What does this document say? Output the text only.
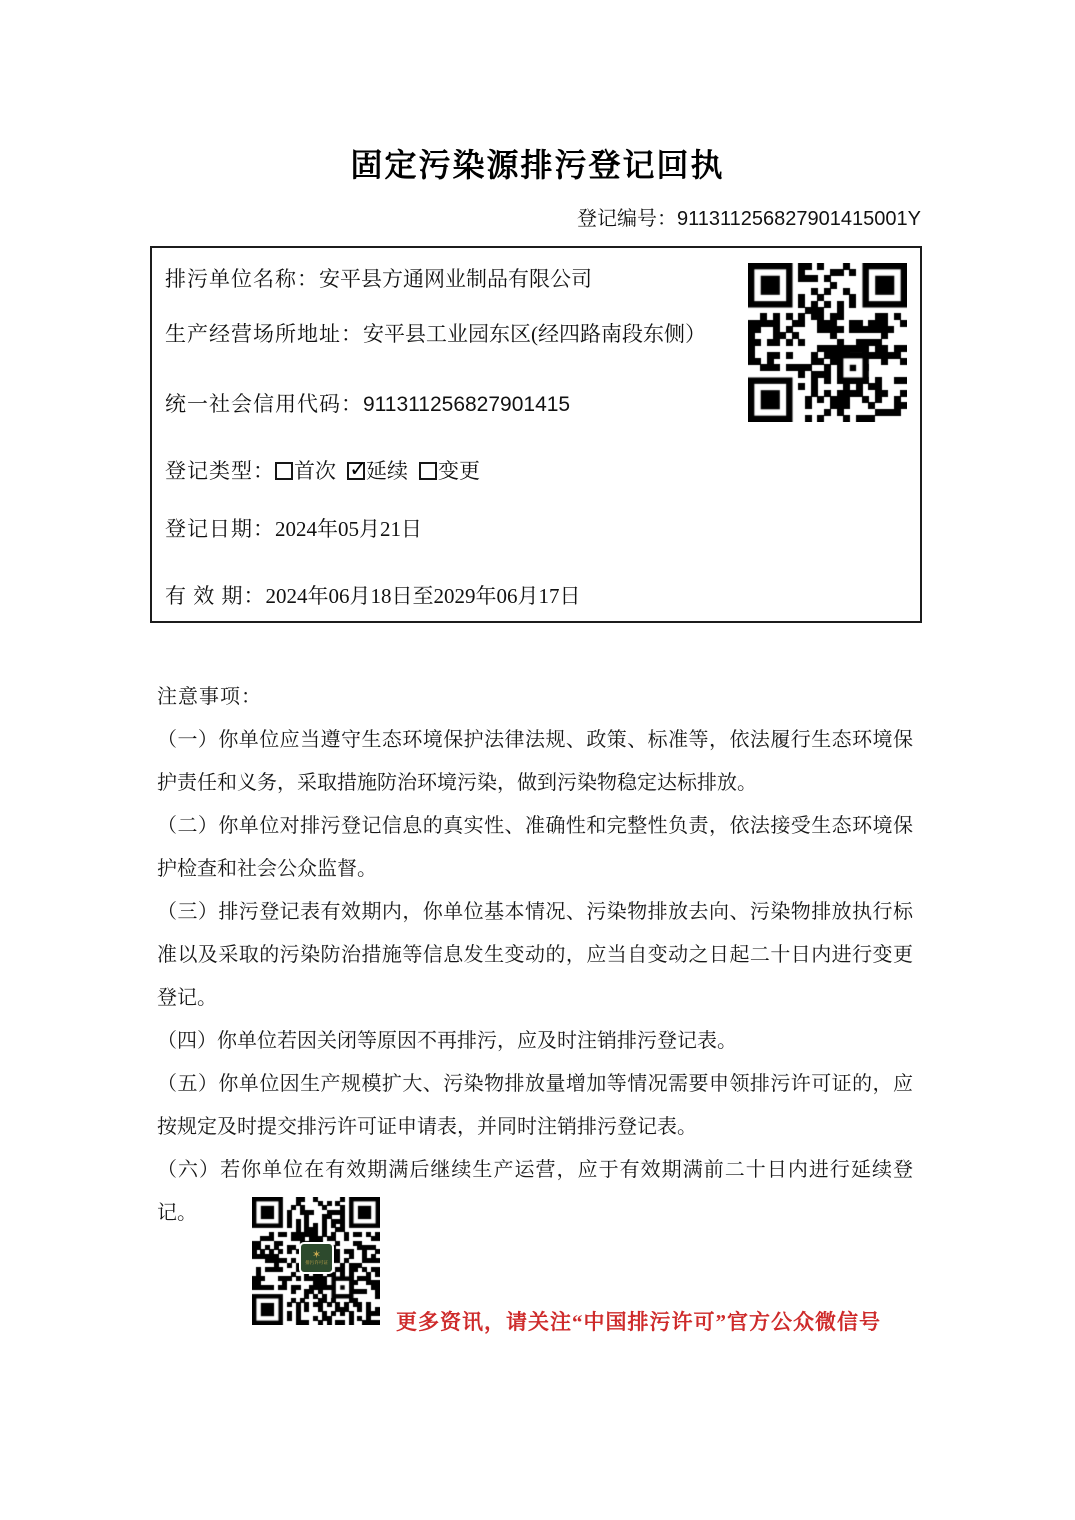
固定污染源排污登记回执
登记编号：911311256827901415001Y
排污单位名称：安平县方通网业制品有限公司
生产经营场所地址：安平县工业园东区(经四路南段东侧）
统一社会信用代码：911311256827901415
登记类型： 首次 ✓ 延续 变更
登记日期：2024年05月21日
有 效 期：2024年06月18日至2029年06月17日
注意事项：

（一）你单位应当遵守生态环境保护法律法规、政策、标准等，依法履行生态环境保护责任和义务，采取措施防治环境污染，做到污染物稳定达标排放。

（二）你单位对排污登记信息的真实性、准确性和完整性负责，依法接受生态环境保护检查和社会公众监督。

（三）排污登记表有效期内，你单位基本情况、污染物排放去向、污染物排放执行标准以及采取的污染防治措施等信息发生变动的，应当自变动之日起二十日内进行变更登记。

（四）你单位若因关闭等原因不再排污，应及时注销排污登记表。

（五）你单位因生产规模扩大、污染物排放量增加等情况需要申领排污许可证的，应按规定及时提交排污许可证申请表，并同时注销排污登记表。

（六）若你单位在有效期满后继续生产运营，应于有效期满前二十日内进行延续登记。

✶
排污许可证
更多资讯，请关注“中国排污许可”官方公众微信号
